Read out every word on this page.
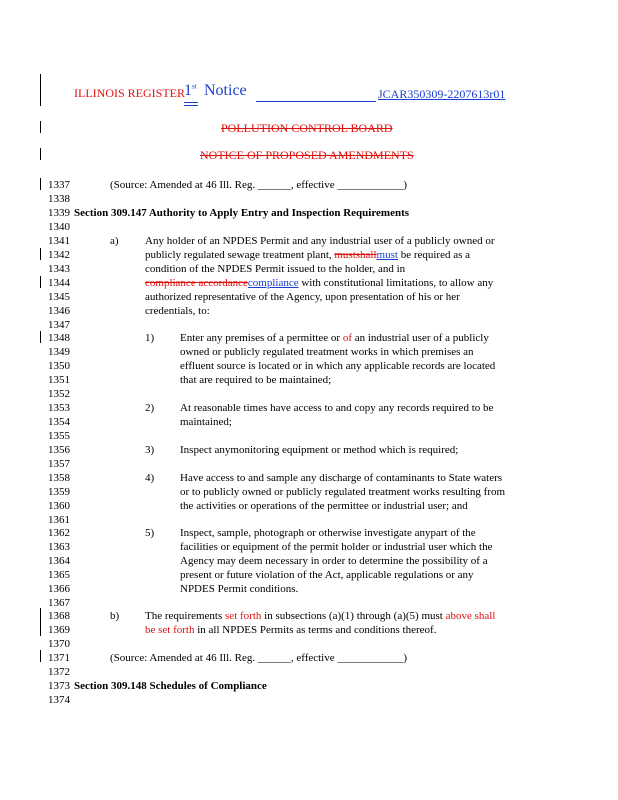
ILLINOIS REGISTER 1st Notice	JCAR350309-2207613r01
POLLUTION CONTROL BOARD
NOTICE OF PROPOSED AMENDMENTS
1337	(Source: Amended at 46 Ill. Reg. ______, effective ____________)
1338
1339 Section 309.147 Authority to Apply Entry and Inspection Requirements
1340
1341	a) Any holder of an NPDES Permit and any industrial user of a publicly owned or
1342	publicly regulated sewage treatment plant, mustshallmust be required as a
1343	condition of the NPDES Permit issued to the holder, and in
1344	compliance accordancecompliance with constitutional limitations, to allow any
1345	authorized representative of the Agency, upon presentation of his or her
1346	credentials, to:
1347
1348	1) Enter any premises of a permittee or of an industrial user of a publicly
1349	owned or publicly regulated treatment works in which premises an
1350	effluent source is located or in which any applicable records are located
1351	that are required to be maintained;
1352
1353	2) At reasonable times have access to and copy any records required to be
1354	maintained;
1355
1356	3) Inspect anymonitoring equipment or method which is required;
1357
1358	4) Have access to and sample any discharge of contaminants to State waters
1359	or to publicly owned or publicly regulated treatment works resulting from
1360	the activities or operations of the permittee or industrial user; and
1361
1362	5) Inspect, sample, photograph or otherwise investigate anypart of the
1363	facilities or equipment of the permit holder or industrial user which the
1364	Agency may deem necessary in order to determine the possibility of a
1365	present or future violation of the Act, applicable regulations or any
1366	NPDES Permit conditions.
1367
1368	b) The requirements set forth in subsections (a)(1) through (a)(5) must above shall
1369	be set forth in all NPDES Permits as terms and conditions thereof.
1370
1371	(Source: Amended at 46 Ill. Reg. ______, effective ____________)
1372
1373 Section 309.148 Schedules of Compliance
1374
